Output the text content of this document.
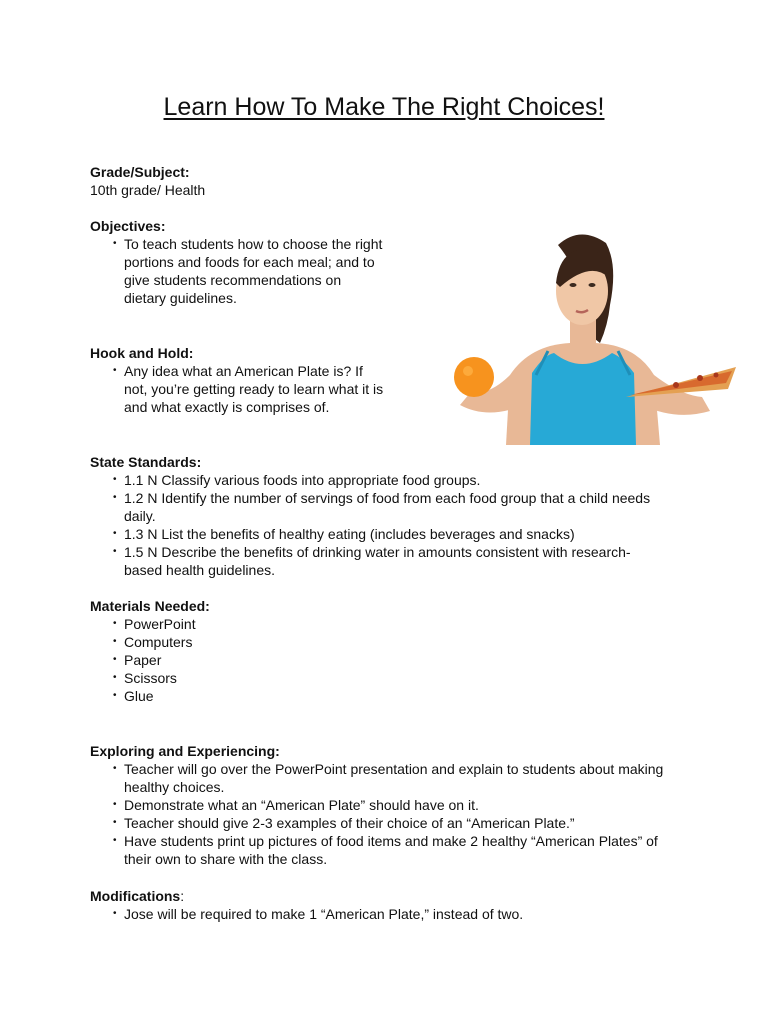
Learn How To Make The Right Choices!
Grade/Subject:
10th grade/ Health
Objectives:
• To teach students how to choose the right portions and foods for each meal; and to give students recommendations on dietary guidelines.
Hook and Hold:
• Any idea what an American Plate is? If not, you’re getting ready to learn what it is and what exactly is comprises of.
State Standards:
• 1.1 N Classify various foods into appropriate food groups.
• 1.2 N Identify the number of servings of food from each food group that a child needs daily.
• 1.3 N List the benefits of healthy eating (includes beverages and snacks)
• 1.5 N Describe the benefits of drinking water in amounts consistent with research-based health guidelines.
Materials Needed:
• PowerPoint
• Computers
• Paper
• Scissors
• Glue
Exploring and Experiencing:
• Teacher will go over the PowerPoint presentation and explain to students about making healthy choices.
• Demonstrate what an “American Plate” should have on it.
• Teacher should give 2-3 examples of their choice of an “American Plate.”
• Have students print up pictures of food items and make 2 healthy “American Plates” of their own to share with the class.
Modifications:
• Jose will be required to make 1 “American Plate,” instead of two.
